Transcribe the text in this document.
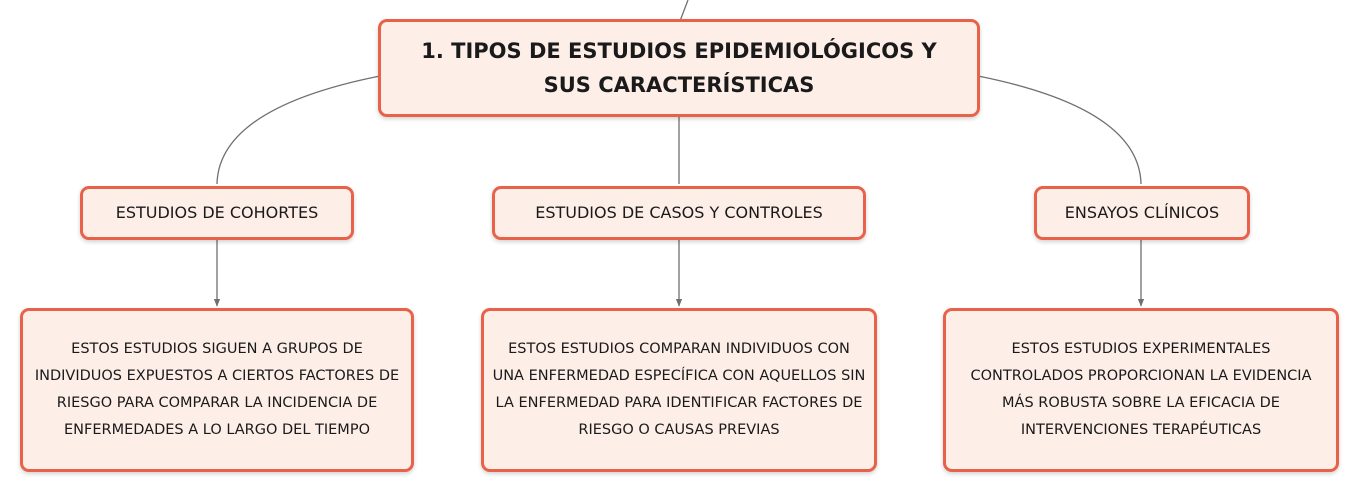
1. TIPOS DE ESTUDIOS EPIDEMIOLÓGICOS Y SUS CARACTERÍSTICAS
ESTUDIOS DE COHORTES	ESTUDIOS DE CASOS Y CONTROLES	ENSAYOS CLÍNICOS
ESTOS ESTUDIOS SIGUEN A GRUPOS DE INDIVIDUOS EXPUESTOS A CIERTOS FACTORES DE RIESGO PARA COMPARAR LA INCIDENCIA DE ENFERMEDADES A LO LARGO DEL TIEMPO
ESTOS ESTUDIOS COMPARAN INDIVIDUOS CON UNA ENFERMEDAD ESPECÍFICA CON AQUELLOS SIN LA ENFERMEDAD PARA IDENTIFICAR FACTORES DE RIESGO O CAUSAS PREVIAS
ESTOS ESTUDIOS EXPERIMENTALES CONTROLADOS PROPORCIONAN LA EVIDENCIA MÁS ROBUSTA SOBRE LA EFICACIA DE INTERVENCIONES TERAPÉUTICAS
